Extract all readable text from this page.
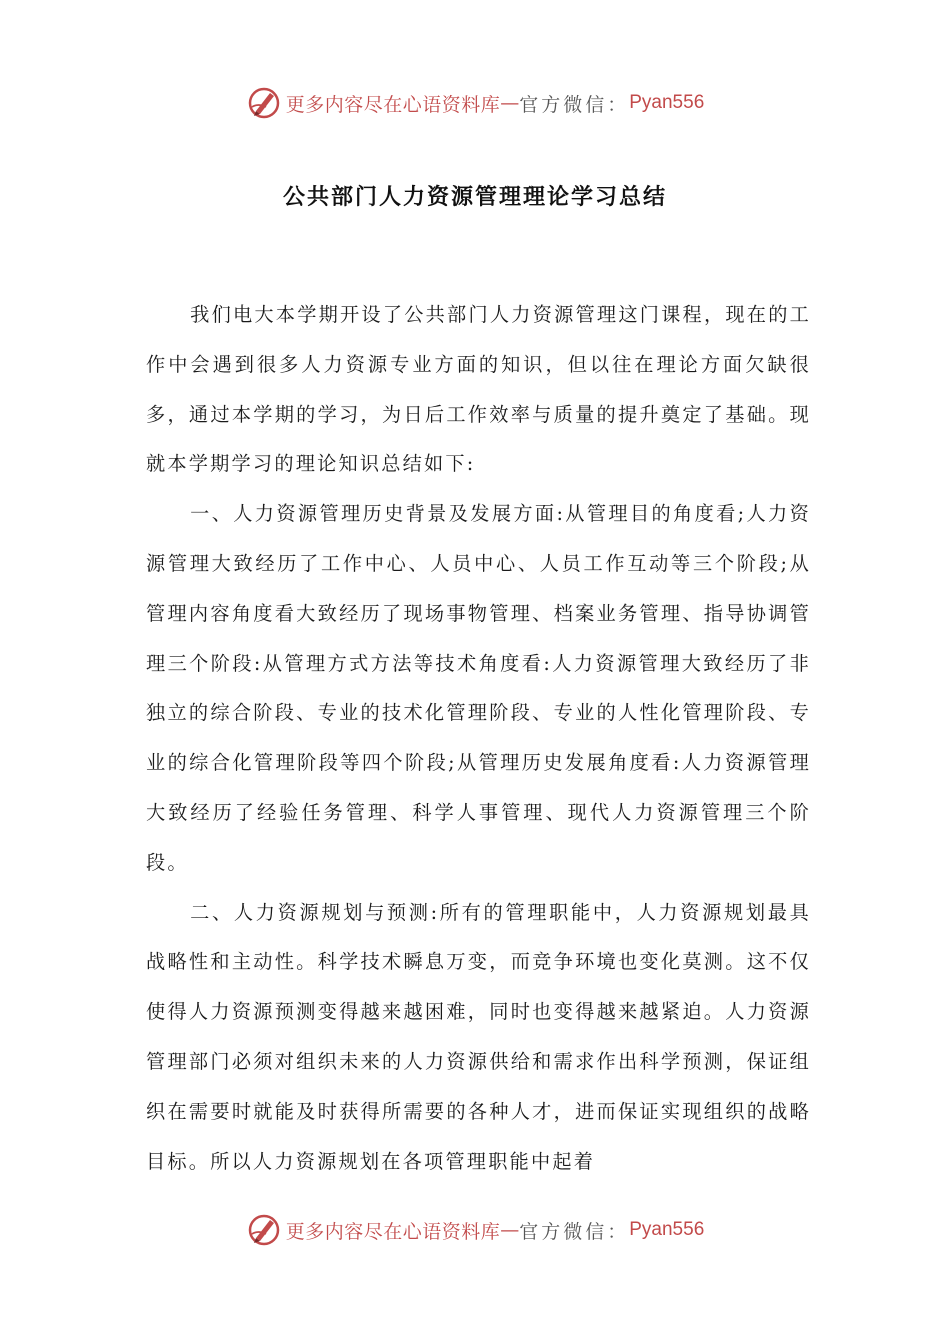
更多内容尽在心语资料库 — 官方微信： Pyan556
公共部门人力资源管理理论学习总结

我们电大本学期开设了公共部门人力资源管理这门课程，现在的工作中会遇到很多人力资源专业方面的知识，但以往在理论方面欠缺很多，通过本学期的学习，为日后工作效率与质量的提升奠定了基础。现就本学期学习的理论知识总结如下:

一、人力资源管理历史背景及发展方面:从管理目的角度看;人力资源管理大致经历了工作中心、人员中心、人员工作互动等三个阶段;从管理内容角度看大致经历了现场事物管理、档案业务管理、指导协调管理三个阶段:从管理方式方法等技术角度看:人力资源管理大致经历了非独立的综合阶段、专业的技术化管理阶段、专业的人性化管理阶段、专业的综合化管理阶段等四个阶段;从管理历史发展角度看:人力资源管理大致经历了经验任务管理、科学人事管理、现代人力资源管理三个阶段。

二、人力资源规划与预测:所有的管理职能中，人力资源规划最具战略性和主动性。科学技术瞬息万变，而竞争环境也变化莫测。这不仅使得人力资源预测变得越来越困难，同时也变得越来越紧迫。人力资源管理部门必须对组织未来的人力资源供给和需求作出科学预测，保证组织在需要时就能及时获得所需要的各种人才，进而保证实现组织的战略目标。所以人力资源规划在各项管理职能中起着

更多内容尽在心语资料库 — 官方微信： Pyan556
